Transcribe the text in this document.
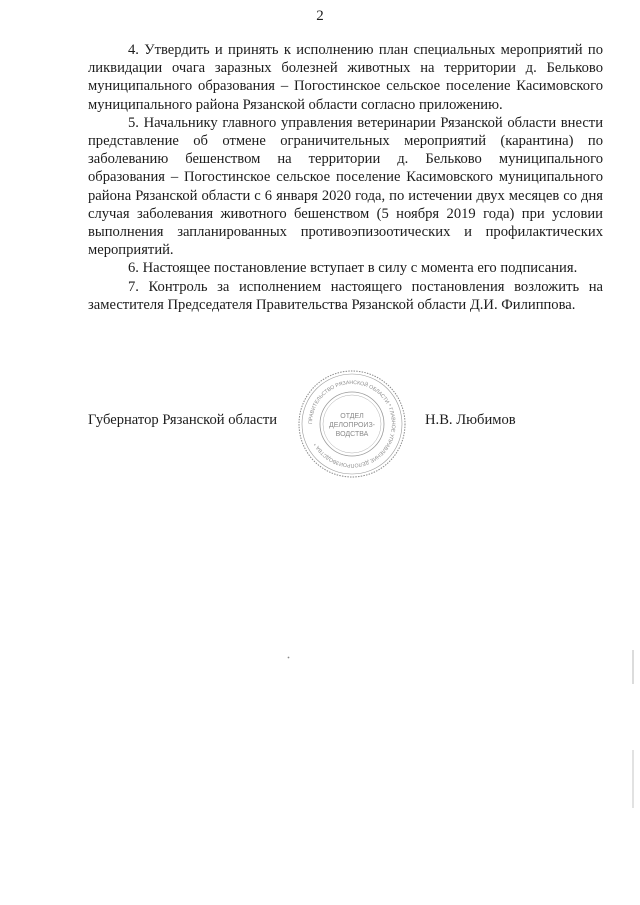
2

4. Утвердить и принять к исполнению план специальных мероприятий по ликвидации очага заразных болезней животных на территории д. Бельково муниципального образования – Погостинское сельское поселение Касимовского муниципального района Рязанской области согласно приложению.

5. Начальнику главного управления ветеринарии Рязанской области внести представление об отмене ограничительных мероприятий (карантина) по заболеванию бешенством на территории д. Бельково муниципального образования – Погостинское сельское поселение Касимовского муниципального района Рязанской области с 6 января 2020 года, по истечении двух месяцев со дня случая заболевания животного бешенством (5 ноября 2019 года) при условии выполнения запланированных противоэпизоотических и профилактических мероприятий.

6. Настоящее постановление вступает в силу с момента его подписания.

7. Контроль за исполнением настоящего постановления возложить на заместителя Председателя Правительства Рязанской области Д.И. Филиппова.

Губернатор Рязанской области	ПРАВИТЕЛЬСТВО РЯЗАНСКОЙ ОБЛАСТИ * ГЛАВНОЕ УПРАВЛЕНИЕ ДЕЛОПРОИЗВОДСТВА *
ОТДЕЛ
ДЕЛОПРОИЗ-
ВОДСТВА
Н.В. Любимов
